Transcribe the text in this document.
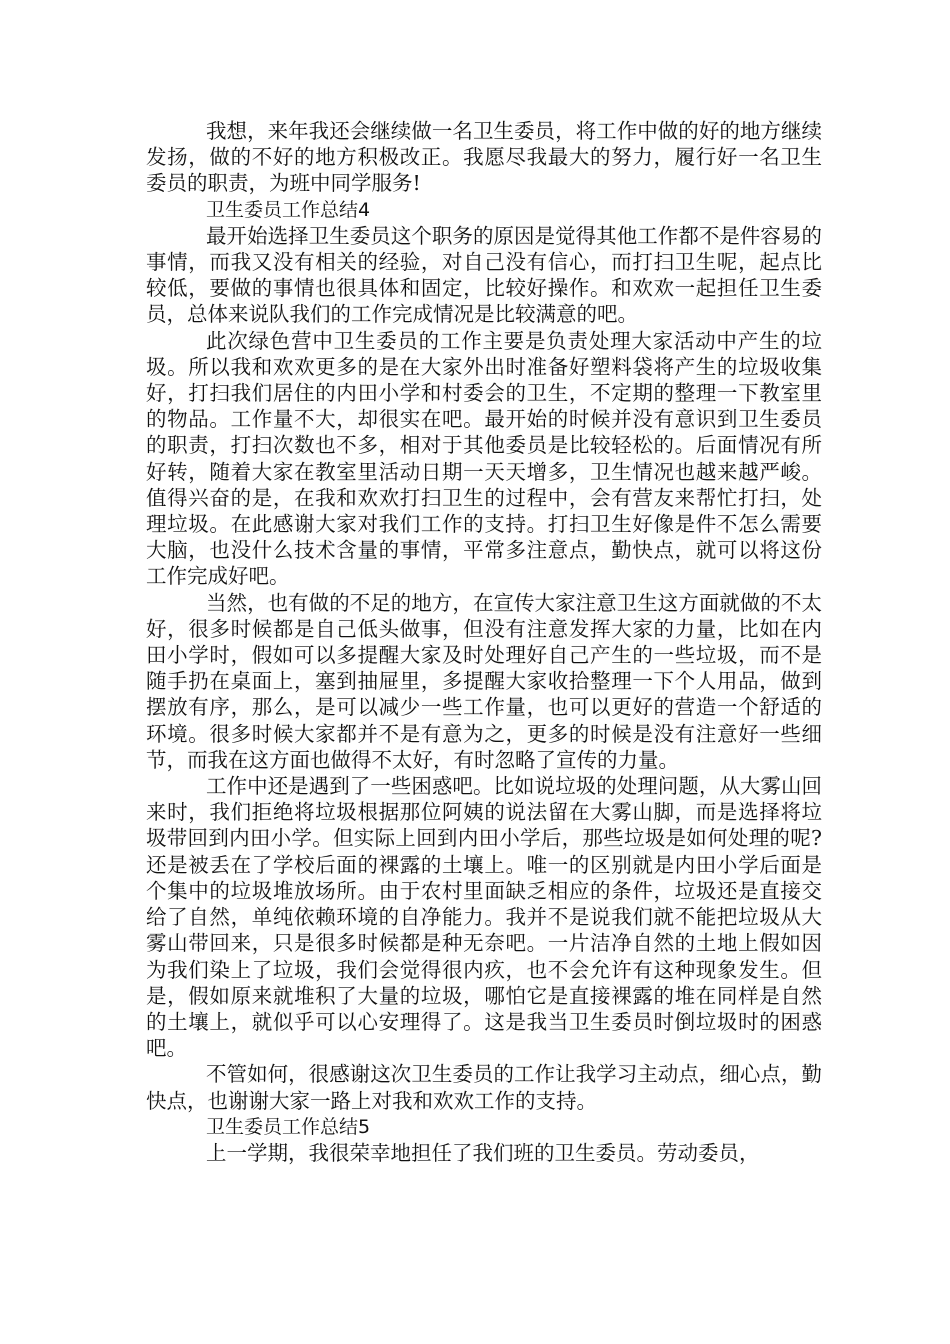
我想，来年我还会继续做一名卫生委员，将工作中做的好的地方继续发扬，做的不好的地方积极改正。我愿尽我最大的努力，履行好一名卫生委员的职责，为班中同学服务!

卫生委员工作总结4

最开始选择卫生委员这个职务的原因是觉得其他工作都不是件容易的事情，而我又没有相关的经验，对自己没有信心，而打扫卫生呢，起点比较低，要做的事情也很具体和固定，比较好操作。和欢欢一起担任卫生委员，总体来说队我们的工作完成情况是比较满意的吧。

此次绿色营中卫生委员的工作主要是负责处理大家活动中产生的垃圾。所以我和欢欢更多的是在大家外出时准备好塑料袋将产生的垃圾收集好，打扫我们居住的内田小学和村委会的卫生，不定期的整理一下教室里的物品。工作量不大，却很实在吧。最开始的时候并没有意识到卫生委员的职责，打扫次数也不多，相对于其他委员是比较轻松的。后面情况有所好转，随着大家在教室里活动日期一天天增多，卫生情况也越来越严峻。值得兴奋的是，在我和欢欢打扫卫生的过程中，会有营友来帮忙打扫，处理垃圾。在此感谢大家对我们工作的支持。打扫卫生好像是件不怎么需要大脑，也没什么技术含量的事情，平常多注意点，勤快点，就可以将这份工作完成好吧。

当然，也有做的不足的地方，在宣传大家注意卫生这方面就做的不太好，很多时候都是自己低头做事，但没有注意发挥大家的力量，比如在内田小学时，假如可以多提醒大家及时处理好自己产生的一些垃圾，而不是随手扔在桌面上，塞到抽屉里，多提醒大家收拾整理一下个人用品，做到摆放有序，那么，是可以减少一些工作量，也可以更好的营造一个舒适的环境。很多时候大家都并不是有意为之，更多的时候是没有注意好一些细节，而我在这方面也做得不太好，有时忽略了宣传的力量。

工作中还是遇到了一些困惑吧。比如说垃圾的处理问题，从大雾山回来时，我们拒绝将垃圾根据那位阿姨的说法留在大雾山脚，而是选择将垃圾带回到内田小学。但实际上回到内田小学后，那些垃圾是如何处理的呢?还是被丢在了学校后面的裸露的土壤上。唯一的区别就是内田小学后面是个集中的垃圾堆放场所。由于农村里面缺乏相应的条件，垃圾还是直接交给了自然，单纯依赖环境的自净能力。我并不是说我们就不能把垃圾从大雾山带回来，只是很多时候都是种无奈吧。一片洁净自然的土地上假如因为我们染上了垃圾，我们会觉得很内疚，也不会允许有这种现象发生。但是，假如原来就堆积了大量的垃圾，哪怕它是直接裸露的堆在同样是自然的土壤上，就似乎可以心安理得了。这是我当卫生委员时倒垃圾时的困惑吧。

不管如何，很感谢这次卫生委员的工作让我学习主动点，细心点，勤快点，也谢谢大家一路上对我和欢欢工作的支持。

卫生委员工作总结5

上一学期，我很荣幸地担任了我们班的卫生委员。劳动委员，
